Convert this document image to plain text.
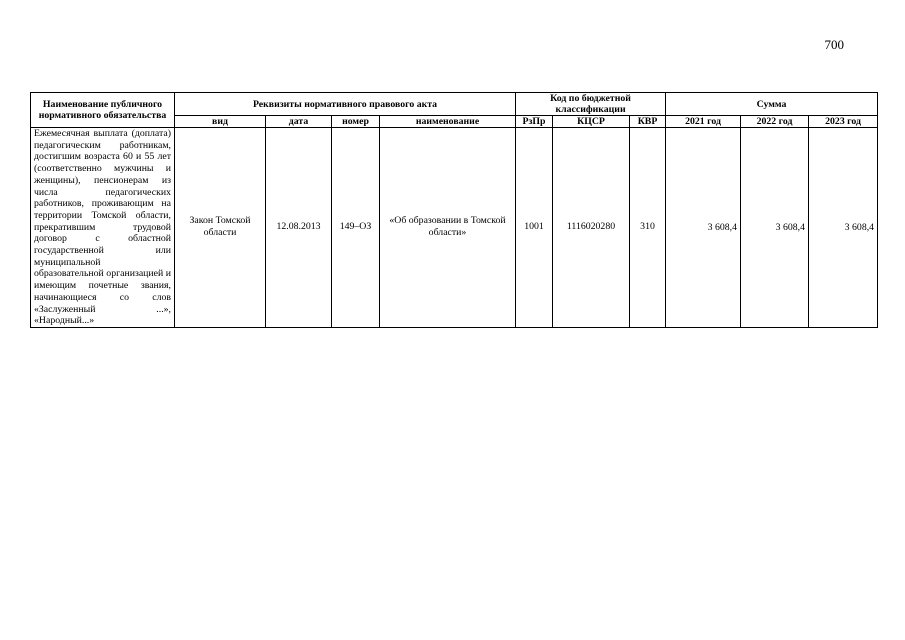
700
Наименование публичного нормативного обязательства	Реквизиты нормативного правового акта				Код по бюджетной классификации			Сумма		
	вид	дата	номер	наименование	РзПр	КЦСР	КВР	2021 год	2022 год	2023 год

Ежемесячная выплата (доплата) педагогическим работникам, достигшим возраста 60 и 55 лет (соответственно мужчины и женщины), пенсионерам из числа педагогических работников, проживающим на территории Томской области, прекратившим трудовой договор с областной государственной или муниципальной образовательной организацией и имеющим почетные звания, начинающиеся со слов «Заслуженный ...», «Народный...»	Закон Томской области	12.08.2013	149–ОЗ	«Об образовании в Томской области»	1001	1116020280	310	3 608,4	3 608,4	3 608,4
